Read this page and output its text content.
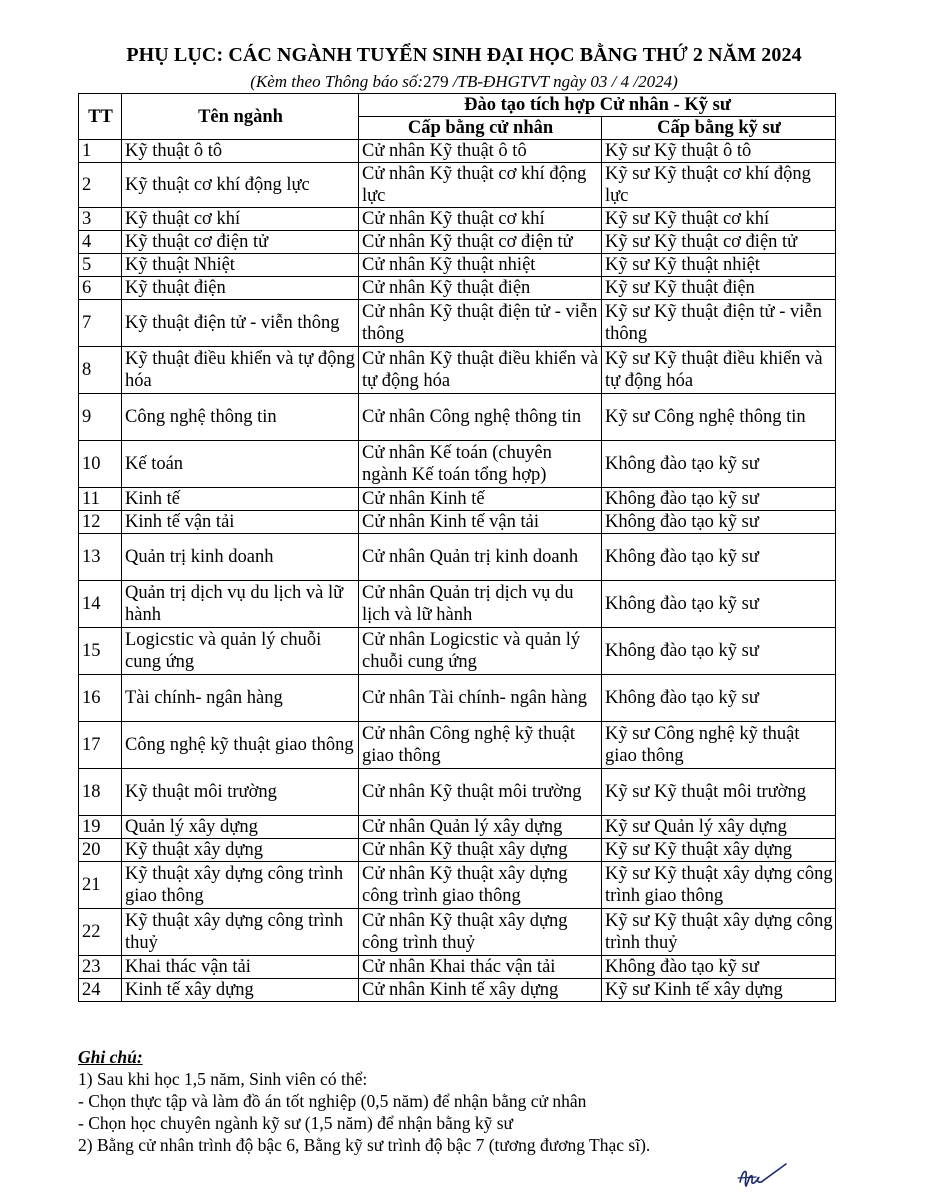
PHỤ LỤC: CÁC NGÀNH TUYỂN SINH ĐẠI HỌC BẰNG THỨ 2 NĂM 2024
(Kèm theo Thông báo số:279 /TB-ĐHGTVT ngày 03 / 4 /2024)
TT	Tên ngành	Đào tạo tích hợp Cử nhân - Kỹ sư	
		Cấp bằng cử nhân	Cấp bằng kỹ sư
1	Kỹ thuật ô tô	Cử nhân Kỹ thuật ô tô	Kỹ sư Kỹ thuật ô tô
2	Kỹ thuật cơ khí động lực	Cử nhân Kỹ thuật cơ khí động lực	Kỹ sư Kỹ thuật cơ khí động lực
3	Kỹ thuật cơ khí	Cử nhân Kỹ thuật cơ khí	Kỹ sư Kỹ thuật cơ khí
4	Kỹ thuật cơ điện tử	Cử nhân Kỹ thuật cơ điện tử	Kỹ sư Kỹ thuật cơ điện tử
5	Kỹ thuật Nhiệt	Cử nhân Kỹ thuật nhiệt	Kỹ sư Kỹ thuật nhiệt
6	Kỹ thuật điện	Cử nhân Kỹ thuật điện	Kỹ sư Kỹ thuật điện
7	Kỹ thuật điện tử - viễn thông	Cử nhân Kỹ thuật điện tử - viễn thông	Kỹ sư Kỹ thuật điện tử - viễn thông
8	Kỹ thuật điều khiển và tự động hóa	Cử nhân Kỹ thuật điều khiển và tự động hóa	Kỹ sư Kỹ thuật điều khiển và tự động hóa
9	Công nghệ thông tin	Cử nhân Công nghệ thông tin	Kỹ sư Công nghệ thông tin
10	Kế toán	Cử nhân Kế toán (chuyên ngành Kế toán tổng hợp)	Không đào tạo kỹ sư
11	Kinh tế	Cử nhân Kinh tế	Không đào tạo kỹ sư
12	Kinh tế vận tải	Cử nhân Kinh tế vận tải	Không đào tạo kỹ sư
13	Quản trị kinh doanh	Cử nhân Quản trị kinh doanh	Không đào tạo kỹ sư
14	Quản trị dịch vụ du lịch và lữ hành	Cử nhân Quản trị dịch vụ du lịch và lữ hành	Không đào tạo kỹ sư
15	Logicstic và quản lý chuỗi cung ứng	Cử nhân Logicstic và quản lý chuỗi cung ứng	Không đào tạo kỹ sư
16	Tài chính- ngân hàng	Cử nhân Tài chính- ngân hàng	Không đào tạo kỹ sư
17	Công nghệ kỹ thuật giao thông	Cử nhân Công nghệ kỹ thuật giao thông	Kỹ sư Công nghệ kỹ thuật giao thông
18	Kỹ thuật môi trường	Cử nhân Kỹ thuật môi trường	Kỹ sư Kỹ thuật môi trường
19	Quản lý xây dựng	Cử nhân Quản lý xây dựng	Kỹ sư Quản lý xây dựng
20	Kỹ thuật xây dựng	Cử nhân Kỹ thuật xây dựng	Kỹ sư Kỹ thuật xây dựng
21	Kỹ thuật xây dựng công trình giao thông	Cử nhân Kỹ thuật xây dựng công trình giao thông	Kỹ sư Kỹ thuật xây dựng công trình giao thông
22	Kỹ thuật xây dựng công trình thuỷ	Cử nhân Kỹ thuật xây dựng công trình thuỷ	Kỹ sư Kỹ thuật xây dựng công trình thuỷ
23	Khai thác vận tải	Cử nhân Khai thác vận tải	Không đào tạo kỹ sư
24	Kinh tế xây dựng	Cử nhân Kinh tế xây dựng	Kỹ sư Kinh tế xây dựng
Ghi chú:
1) Sau khi học 1,5 năm, Sinh viên có thể:
- Chọn thực tập và làm đồ án tốt nghiệp (0,5 năm) để nhận bằng cử nhân
- Chọn học chuyên ngành kỹ sư (1,5 năm) để nhận bằng kỹ sư
2) Bằng cử nhân trình độ bậc 6, Bằng kỹ sư trình độ bậc 7 (tương đương Thạc sĩ).
